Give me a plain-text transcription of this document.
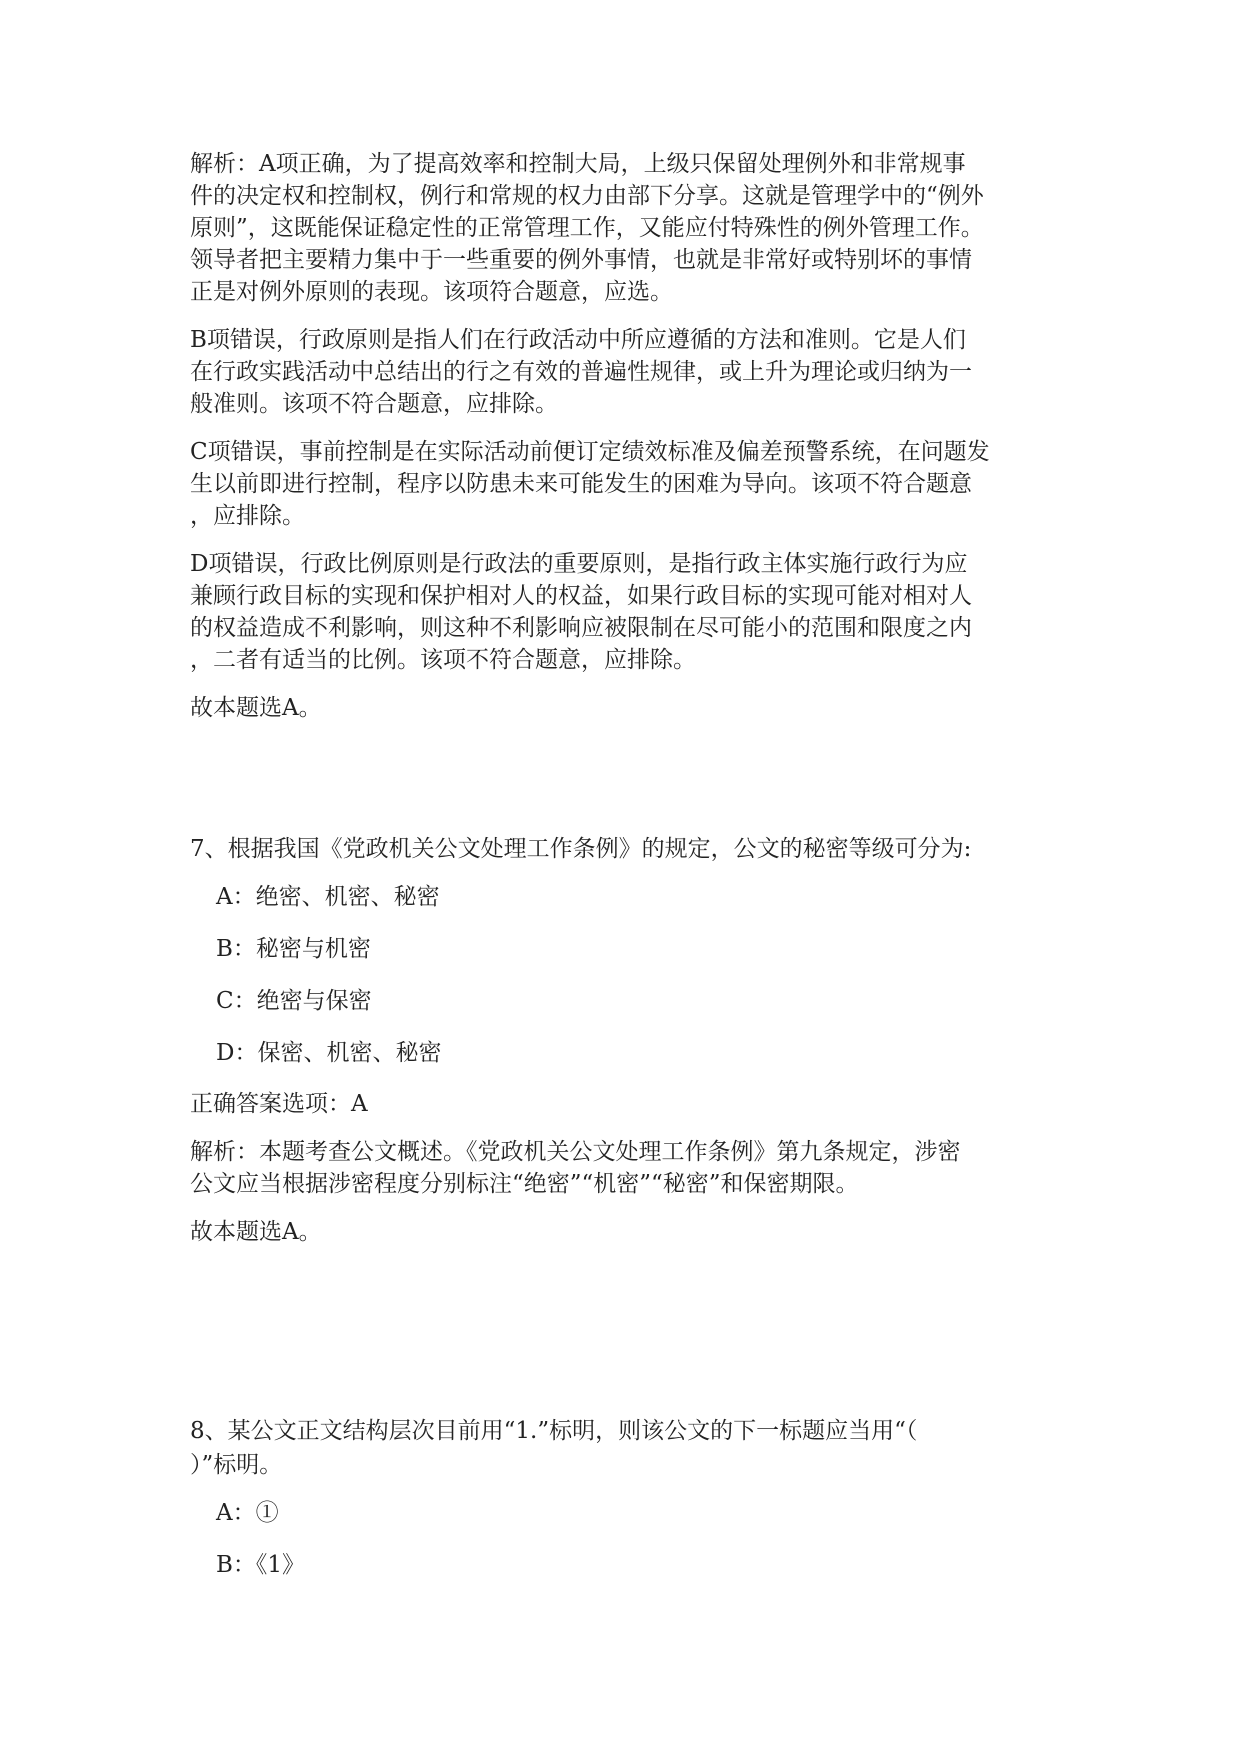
解析：A项正确，为了提高效率和控制大局，上级只保留处理例外和非常规事
件的决定权和控制权，例行和常规的权力由部下分享。这就是管理学中的“例外
原则”，这既能保证稳定性的正常管理工作，又能应付特殊性的例外管理工作。
领导者把主要精力集中于一些重要的例外事情，也就是非常好或特别坏的事情
正是对例外原则的表现。该项符合题意，应选。

B项错误，行政原则是指人们在行政活动中所应遵循的方法和准则。它是人们
在行政实践活动中总结出的行之有效的普遍性规律，或上升为理论或归纳为一
般准则。该项不符合题意，应排除。

C项错误，事前控制是在实际活动前便订定绩效标准及偏差预警系统，在问题发
生以前即进行控制，程序以防患未来可能发生的困难为导向。该项不符合题意
，应排除。

D项错误，行政比例原则是行政法的重要原则，是指行政主体实施行政行为应
兼顾行政目标的实现和保护相对人的权益，如果行政目标的实现可能对相对人
的权益造成不利影响，则这种不利影响应被限制在尽可能小的范围和限度之内
，二者有适当的比例。该项不符合题意，应排除。

故本题选A。

7、根据我国《党政机关公文处理工作条例》的规定，公文的秘密等级可分为:

A：绝密、机密、秘密

B：秘密与机密

C：绝密与保密

D：保密、机密、秘密

正确答案选项：A

解析：本题考查公文概述。《党政机关公文处理工作条例》第九条规定，涉密
公文应当根据涉密程度分别标注“绝密”“机密”“秘密”和保密期限。

故本题选A。

8、某公文正文结构层次目前用“1.”标明，则该公文的下一标题应当用“（
）”标明。

A：①

B：《1》
